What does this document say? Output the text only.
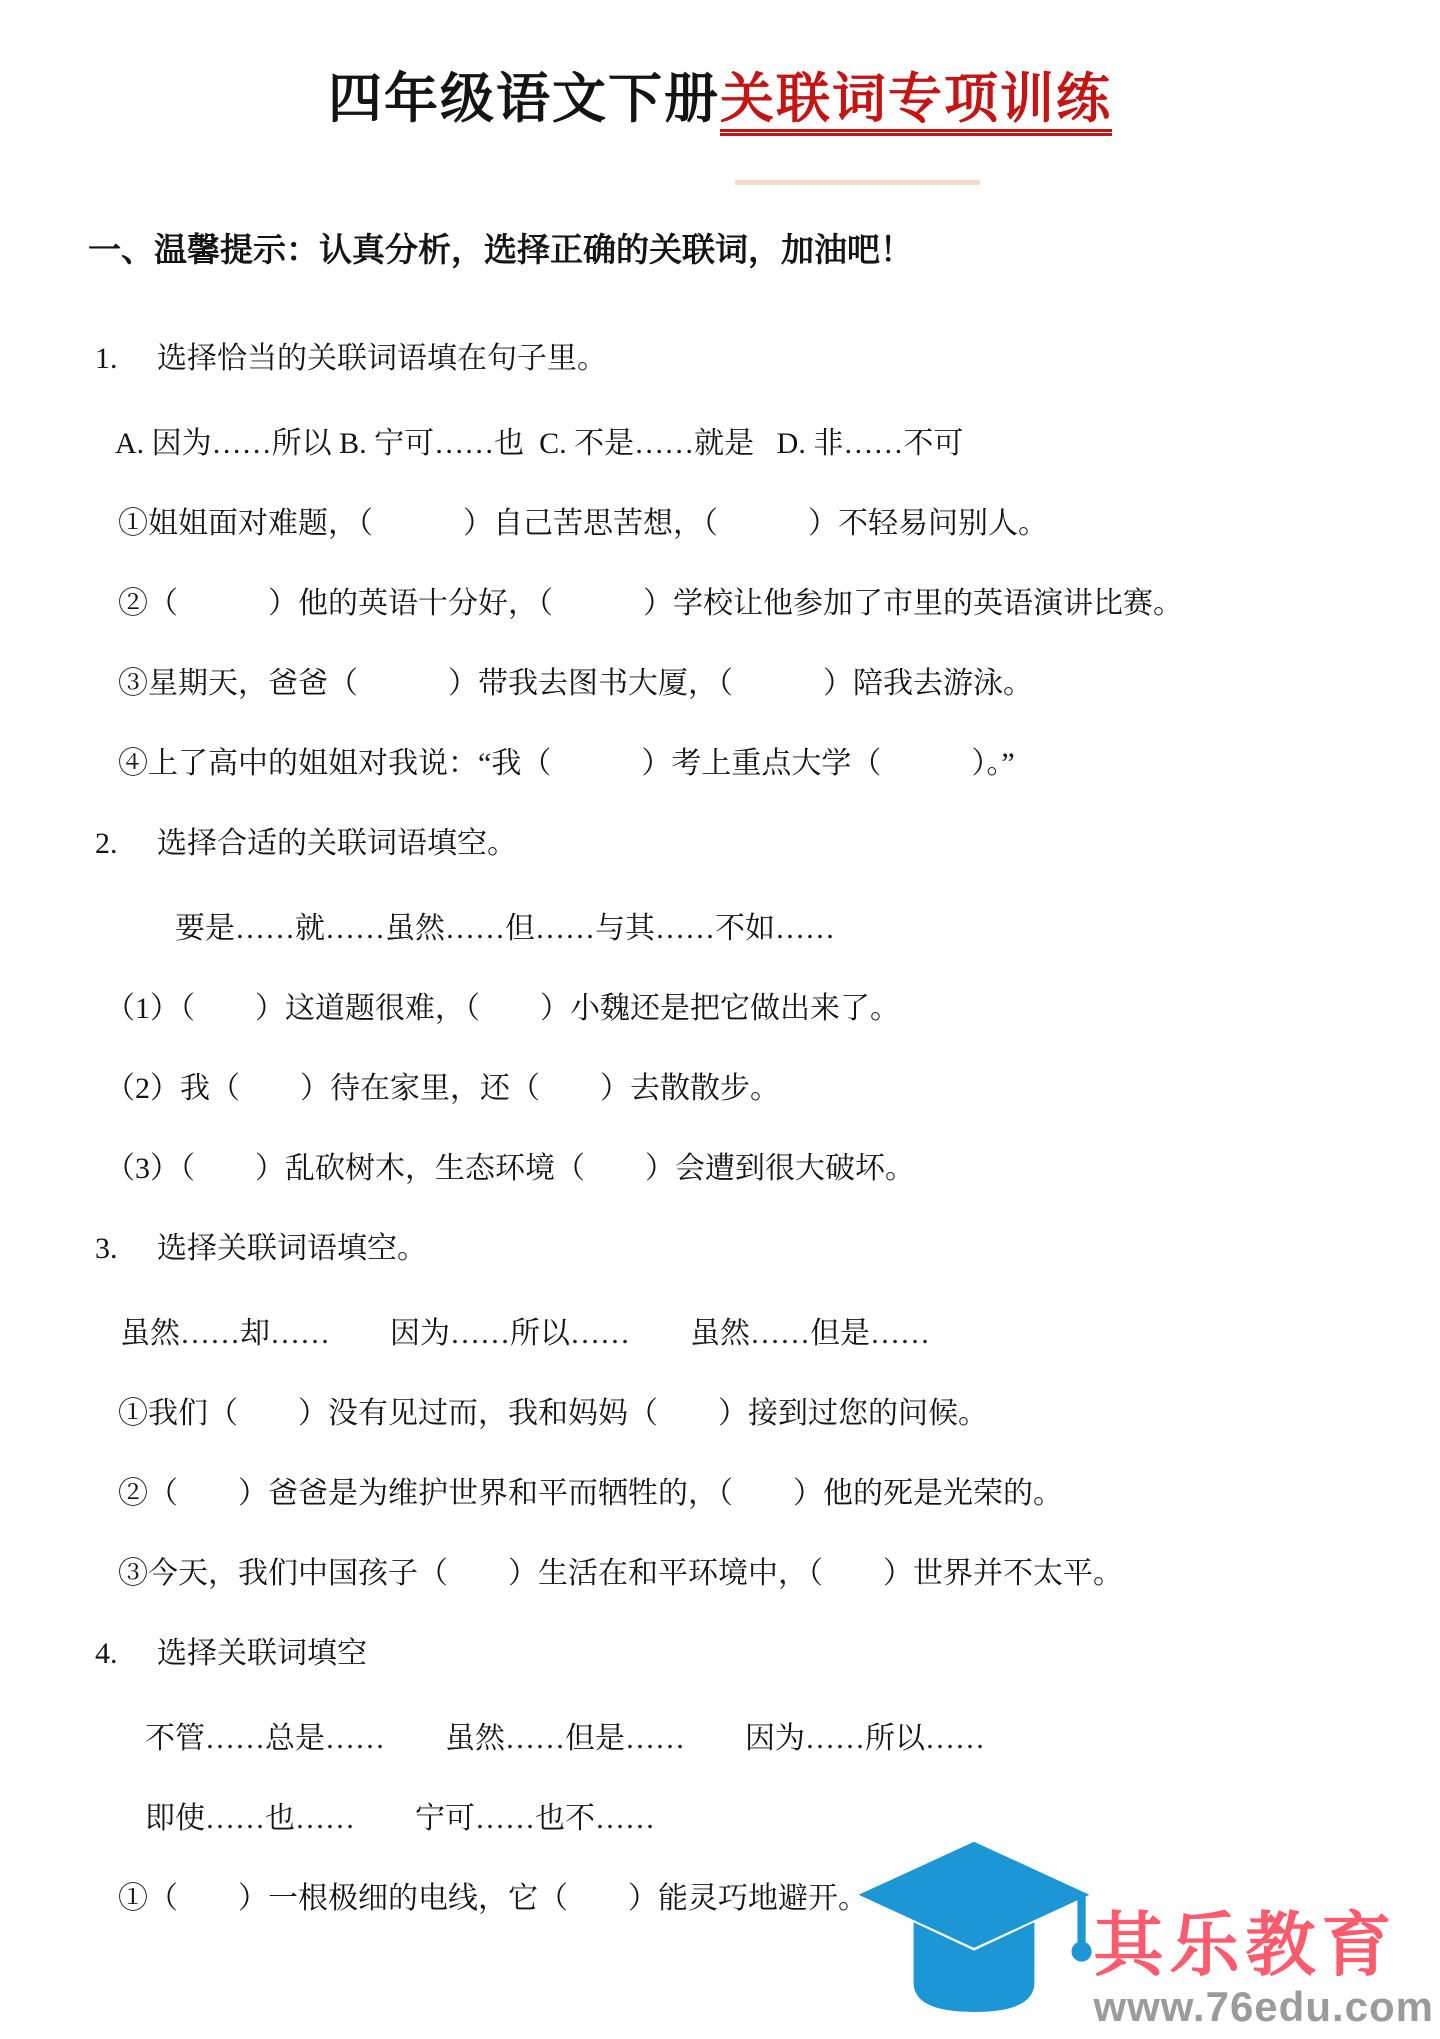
四年级语文下册关联词专项训练
一、温馨提示：认真分析，选择正确的关联词，加油吧！
1. 选择恰当的关联词语填在句子里。
A. 因为……所以 B. 宁可……也  C. 不是……就是   D. 非……不可
①姐姐面对难题，（　　　）自己苦思苦想，（　　　）不轻易问别人。
②（　　　）他的英语十分好，（　　　）学校让他参加了市里的英语演讲比赛。
③星期天，爸爸（　　　）带我去图书大厦，（　　　）陪我去游泳。
④上了高中的姐姐对我说：“我（　　　）考上重点大学（　　　）。”
2. 选择合适的关联词语填空。
要是……就……虽然……但……与其……不如……
（1）（　　）这道题很难，（　　）小魏还是把它做出来了。
（2）我（　　）待在家里，还（　　）去散散步。
（3）（　　）乱砍树木，生态环境（　　）会遭到很大破坏。
3. 选择关联词语填空。
虽然……却……　　因为……所以……　　虽然……但是……
①我们（　　）没有见过而，我和妈妈（　　）接到过您的问候。
②（　　）爸爸是为维护世界和平而牺牲的，（　　）他的死是光荣的。
③今天，我们中国孩子（　　）生活在和平环境中，（　　）世界并不太平。
4. 选择关联词填空
不管……总是……　　虽然……但是……　　因为……所以……
即使……也……　　宁可……也不……
①（　　）一根极细的电线，它（　　）能灵巧地避开。
其乐教育
www.76edu.com
